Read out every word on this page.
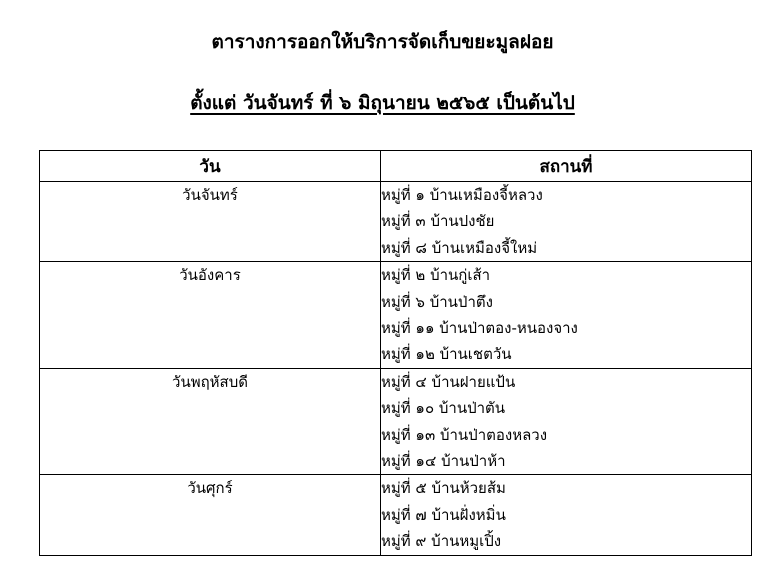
ตารางการออกให้บริการจัดเก็บขยะมูลฝอย
ตั้งแต่ วันจันทร์ ที่ ๖ มิถุนายน ๒๕๖๕ เป็นต้นไป
วัน	สถานที่
วันจันทร์	หมู่ที่ ๑ บ้านเหมืองจี้หลวง
หมู่ที่ ๓ บ้านปงชัย
หมู่ที่ ๘ บ้านเหมืองจี้ใหม่

วันอังคาร	หมู่ที่ ๒ บ้านกู่เส้า
หมู่ที่ ๖ บ้านป่าตึง
หมู่ที่ ๑๑ บ้านป่าตอง-หนองจาง
หมู่ที่ ๑๒ บ้านเชตวัน

วันพฤหัสบดี	หมู่ที่ ๔ บ้านฝายแป้น
หมู่ที่ ๑๐ บ้านป่าตัน
หมู่ที่ ๑๓ บ้านป่าตองหลวง
หมู่ที่ ๑๔ บ้านป่าห้า

วันศุกร์	หมู่ที่ ๕ บ้านห้วยส้ม
หมู่ที่ ๗ บ้านฝั่งหมิ่น
หมู่ที่ ๙ บ้านหมูเปิ้ง
